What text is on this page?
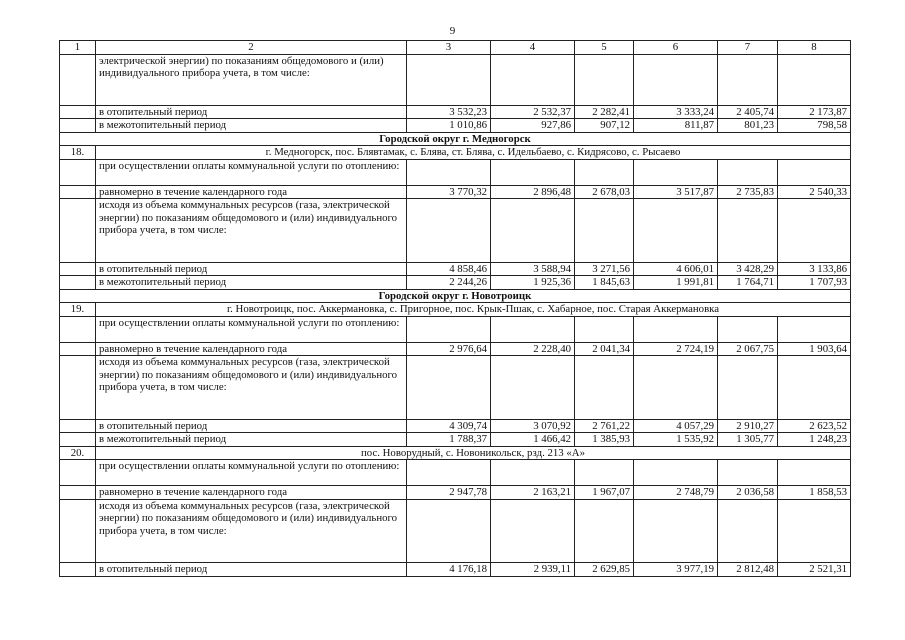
9
1	2	3	4	5	6	7	8
	электрической энергии) по показаниям общедомового и (или) индивидуального прибора учета, в том числе:						
	в отопительный период	3 532,23	2 532,37	2 282,41	3 333,24	2 405,74	2 173,87
	в межотопительный период	1 010,86	927,86	907,12	811,87	801,23	798,58
Городской округ г. Медногорск							
18.	г. Медногорск, пос. Блявтамак, с. Блява, ст. Блява, с. Идельбаево, с. Кидрясово, с. Рысаево						
	при осуществлении оплаты коммунальной услуги по отоплению:						
	равномерно в течение календарного года	3 770,32	2 896,48	2 678,03	3 517,87	2 735,83	2 540,33
	исходя из объема коммунальных ресурсов (газа, электрической энергии) по показаниям общедомового и (или) индивидуального прибора учета, в том числе:						
	в отопительный период	4 858,46	3 588,94	3 271,56	4 606,01	3 428,29	3 133,86
	в межотопительный период	2 244,26	1 925,36	1 845,63	1 991,81	1 764,71	1 707,93
Городской округ г. Новотроицк							
19.	г. Новотроицк, пос. Аккермановка, с. Пригорное, пос. Крык-Пшак, с. Хабарное, пос. Старая Аккермановка						
	при осуществлении оплаты коммунальной услуги по отоплению:						
	равномерно в течение календарного года	2 976,64	2 228,40	2 041,34	2 724,19	2 067,75	1 903,64
	исходя из объема коммунальных ресурсов (газа, электрической энергии) по показаниям общедомового и (или) индивидуального прибора учета, в том числе:						
	в отопительный период	4 309,74	3 070,92	2 761,22	4 057,29	2 910,27	2 623,52
	в межотопительный период	1 788,37	1 466,42	1 385,93	1 535,92	1 305,77	1 248,23
20.	пос. Новорудный, с. Новоникольск, рзд. 213 «А»						
	при осуществлении оплаты коммунальной услуги по отоплению:						
	равномерно в течение календарного года	2 947,78	2 163,21	1 967,07	2 748,79	2 036,58	1 858,53
	исходя из объема коммунальных ресурсов (газа, электрической энергии) по показаниям общедомового и (или) индивидуального прибора учета, в том числе:						
	в отопительный период	4 176,18	2 939,11	2 629,85	3 977,19	2 812,48	2 521,31
